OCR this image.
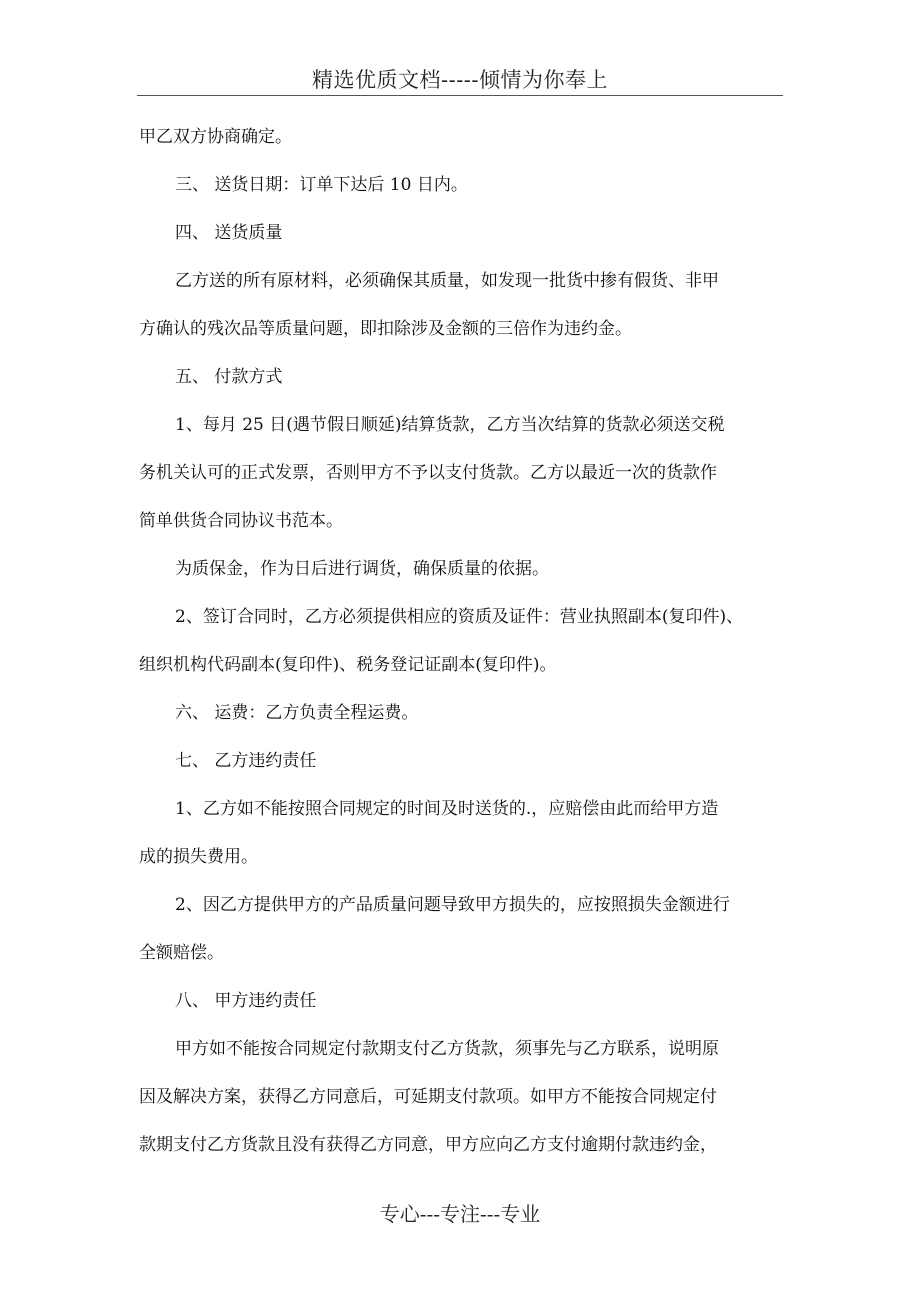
精选优质文档-----倾情为你奉上
甲乙双方协商确定。
三、 送货日期：订单下达后 10 日内。
四、 送货质量
乙方送的所有原材料，必须确保其质量，如发现一批货中掺有假货、非甲
方确认的残次品等质量问题，即扣除涉及金额的三倍作为违约金。
五、 付款方式
1、每月 25 日(遇节假日顺延)结算货款，乙方当次结算的货款必须送交税
务机关认可的正式发票，否则甲方不予以支付货款。乙方以最近一次的货款作
简单供货合同协议书范本。
为质保金，作为日后进行调货，确保质量的依据。
2、签订合同时，乙方必须提供相应的资质及证件：营业执照副本(复印件)、
组织机构代码副本(复印件)、税务登记证副本(复印件)。
六、 运费：乙方负责全程运费。
七、 乙方违约责任
1、乙方如不能按照合同规定的时间及时送货的.，应赔偿由此而给甲方造
成的损失费用。
2、因乙方提供甲方的产品质量问题导致甲方损失的，应按照损失金额进行
全额赔偿。
八、 甲方违约责任
甲方如不能按合同规定付款期支付乙方货款，须事先与乙方联系，说明原
因及解决方案，获得乙方同意后，可延期支付款项。如甲方不能按合同规定付
款期支付乙方货款且没有获得乙方同意，甲方应向乙方支付逾期付款违约金，
专心---专注---专业
